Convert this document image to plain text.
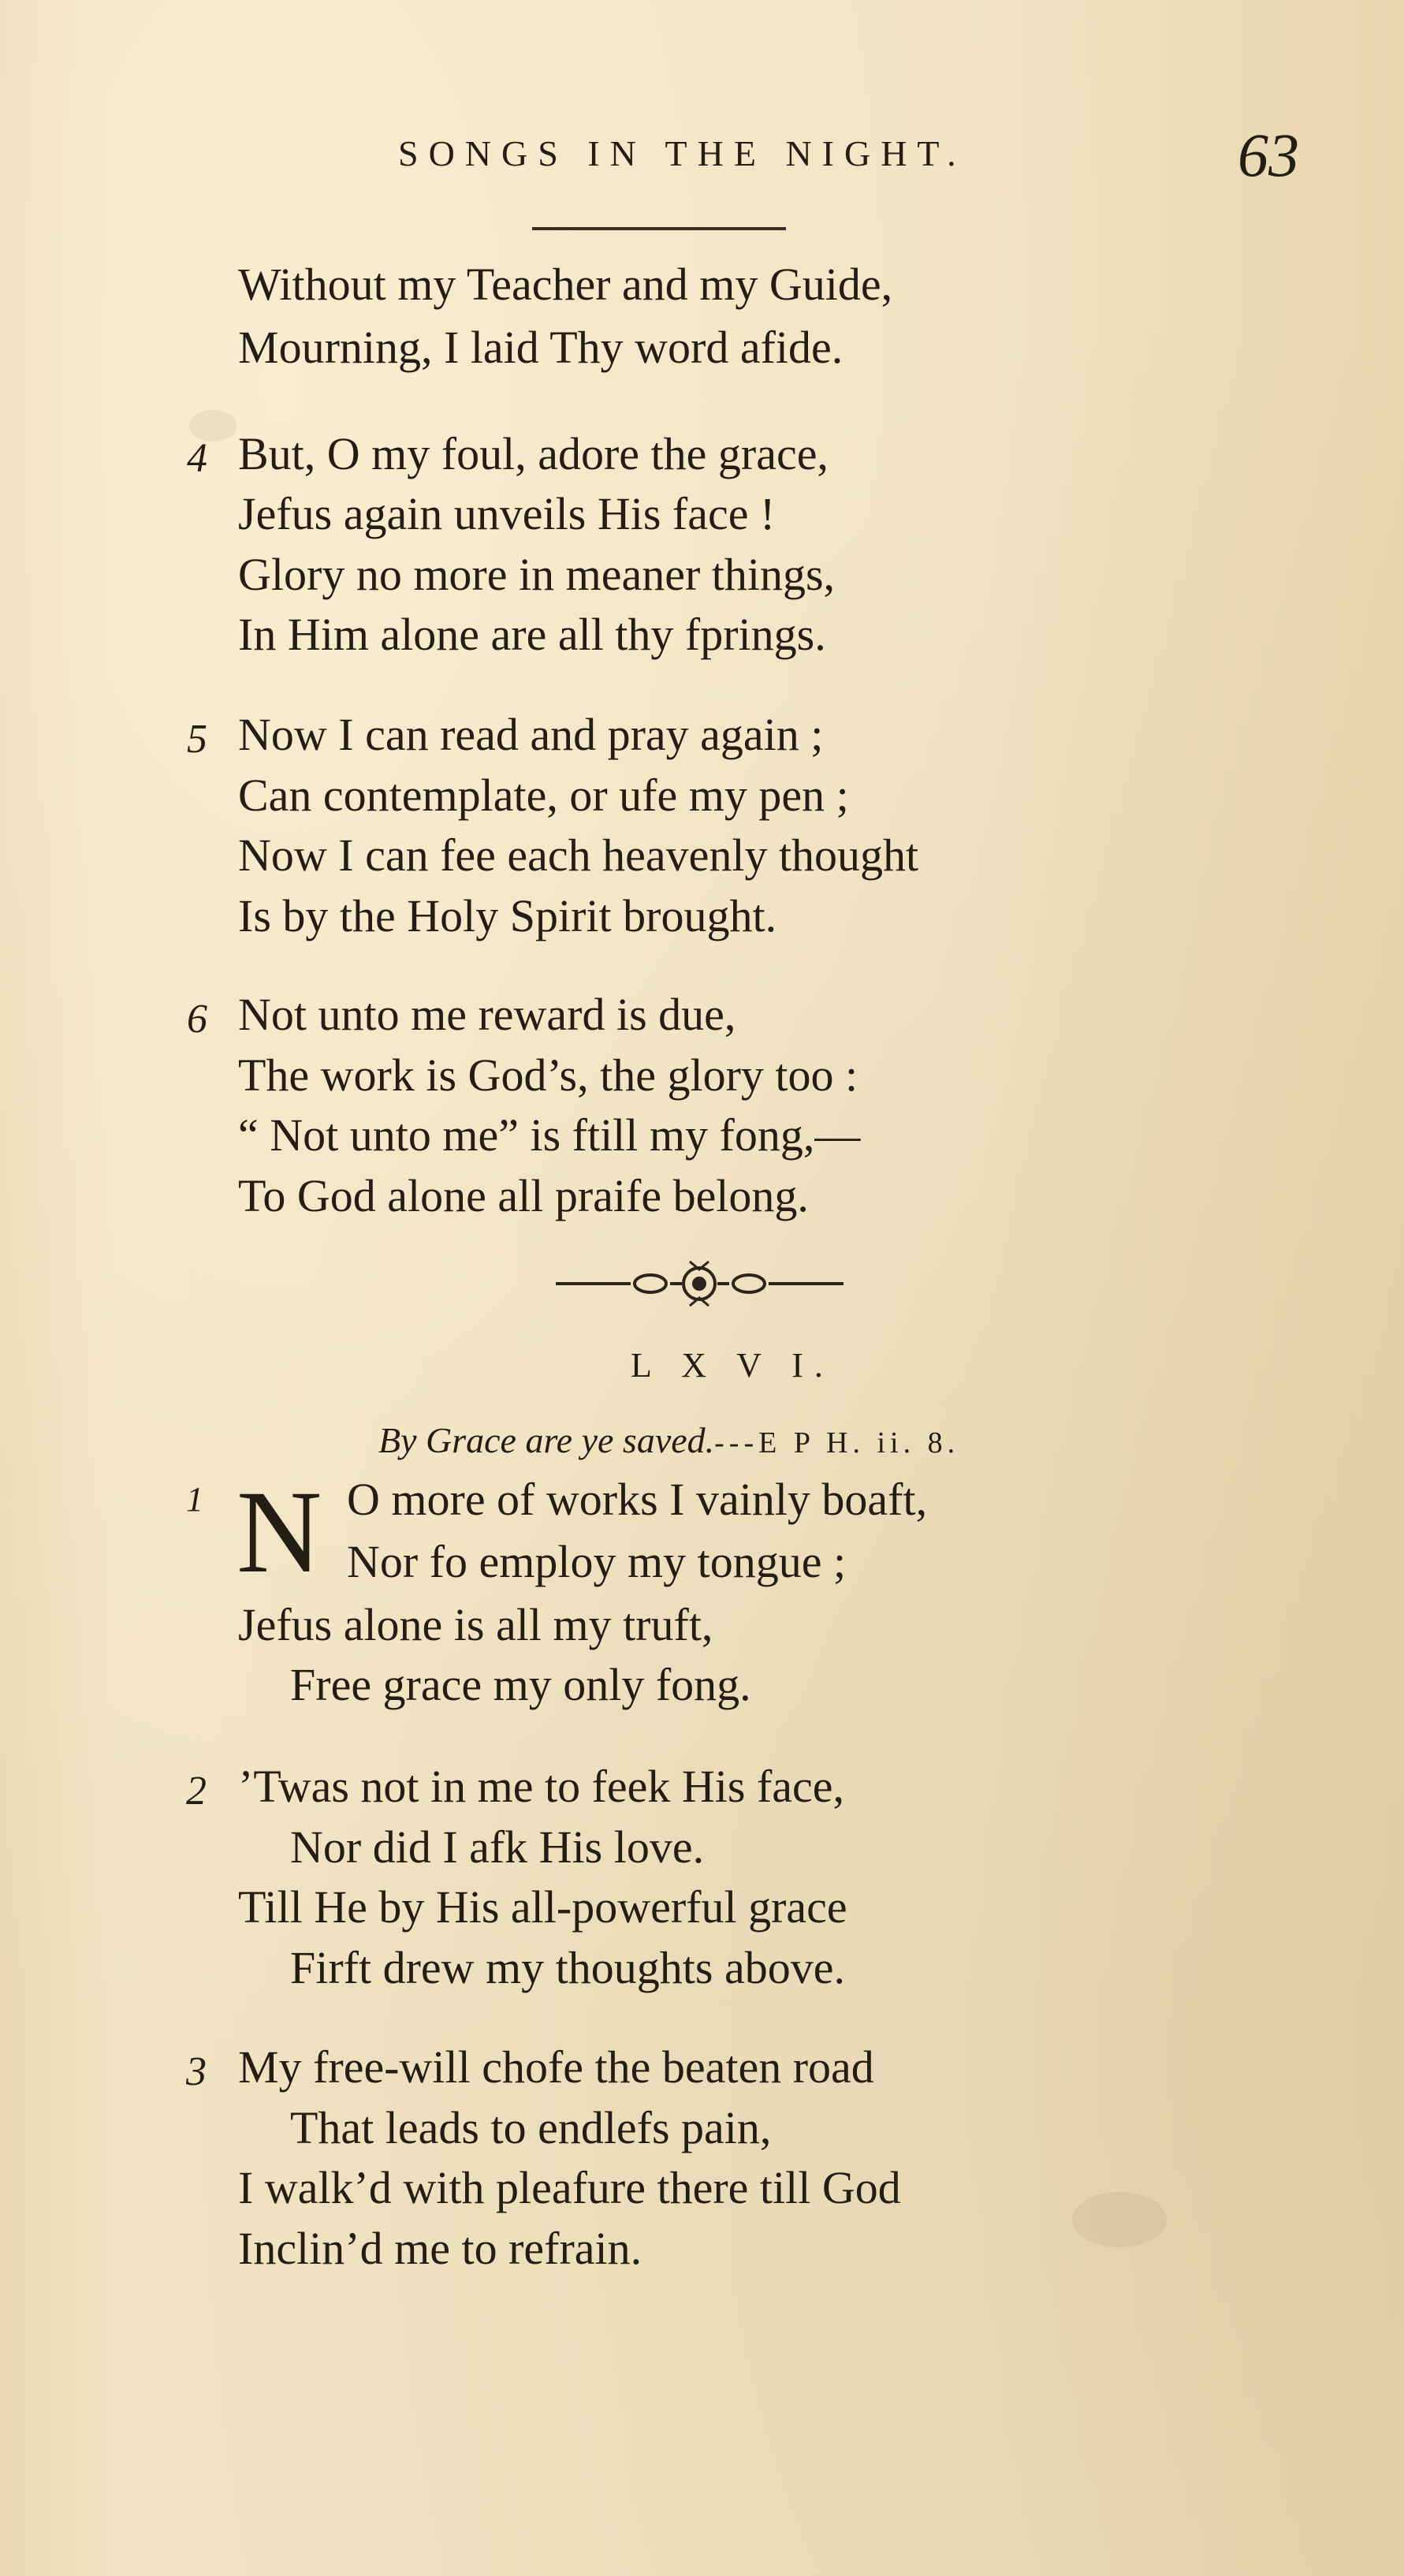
SONGS IN THE NIGHT.	63
Without my Teacher and my Guide,
Mourning, I laid Thy word afide.
4 But, O my foul, adore the grace,
Jefus again unveils His face !
Glory no more in meaner things,
In Him alone are all thy fprings.
5 Now I can read and pray again ;
Can contemplate, or ufe my pen ;
Now I can fee each heavenly thought
Is by the Holy Spirit brought.
6 Not unto me reward is due,
The work is God’s, the glory too :
“ Not unto me” is ftill my fong,—
To God alone all praife belong.
L X V I.
By Grace are ye saved.---E P H. ii. 8.
1 N O more of works I vainly boaft,
Nor fo employ my tongue ;
Jefus alone is all my truft,
Free grace my only fong.
2 ’Twas not in me to feek His face,
Nor did I afk His love.
Till He by His all-powerful grace
Firft drew my thoughts above.
3 My free-will chofe the beaten road
That leads to endlefs pain,
I walk’d with pleafure there till God
Inclin’d me to refrain.
